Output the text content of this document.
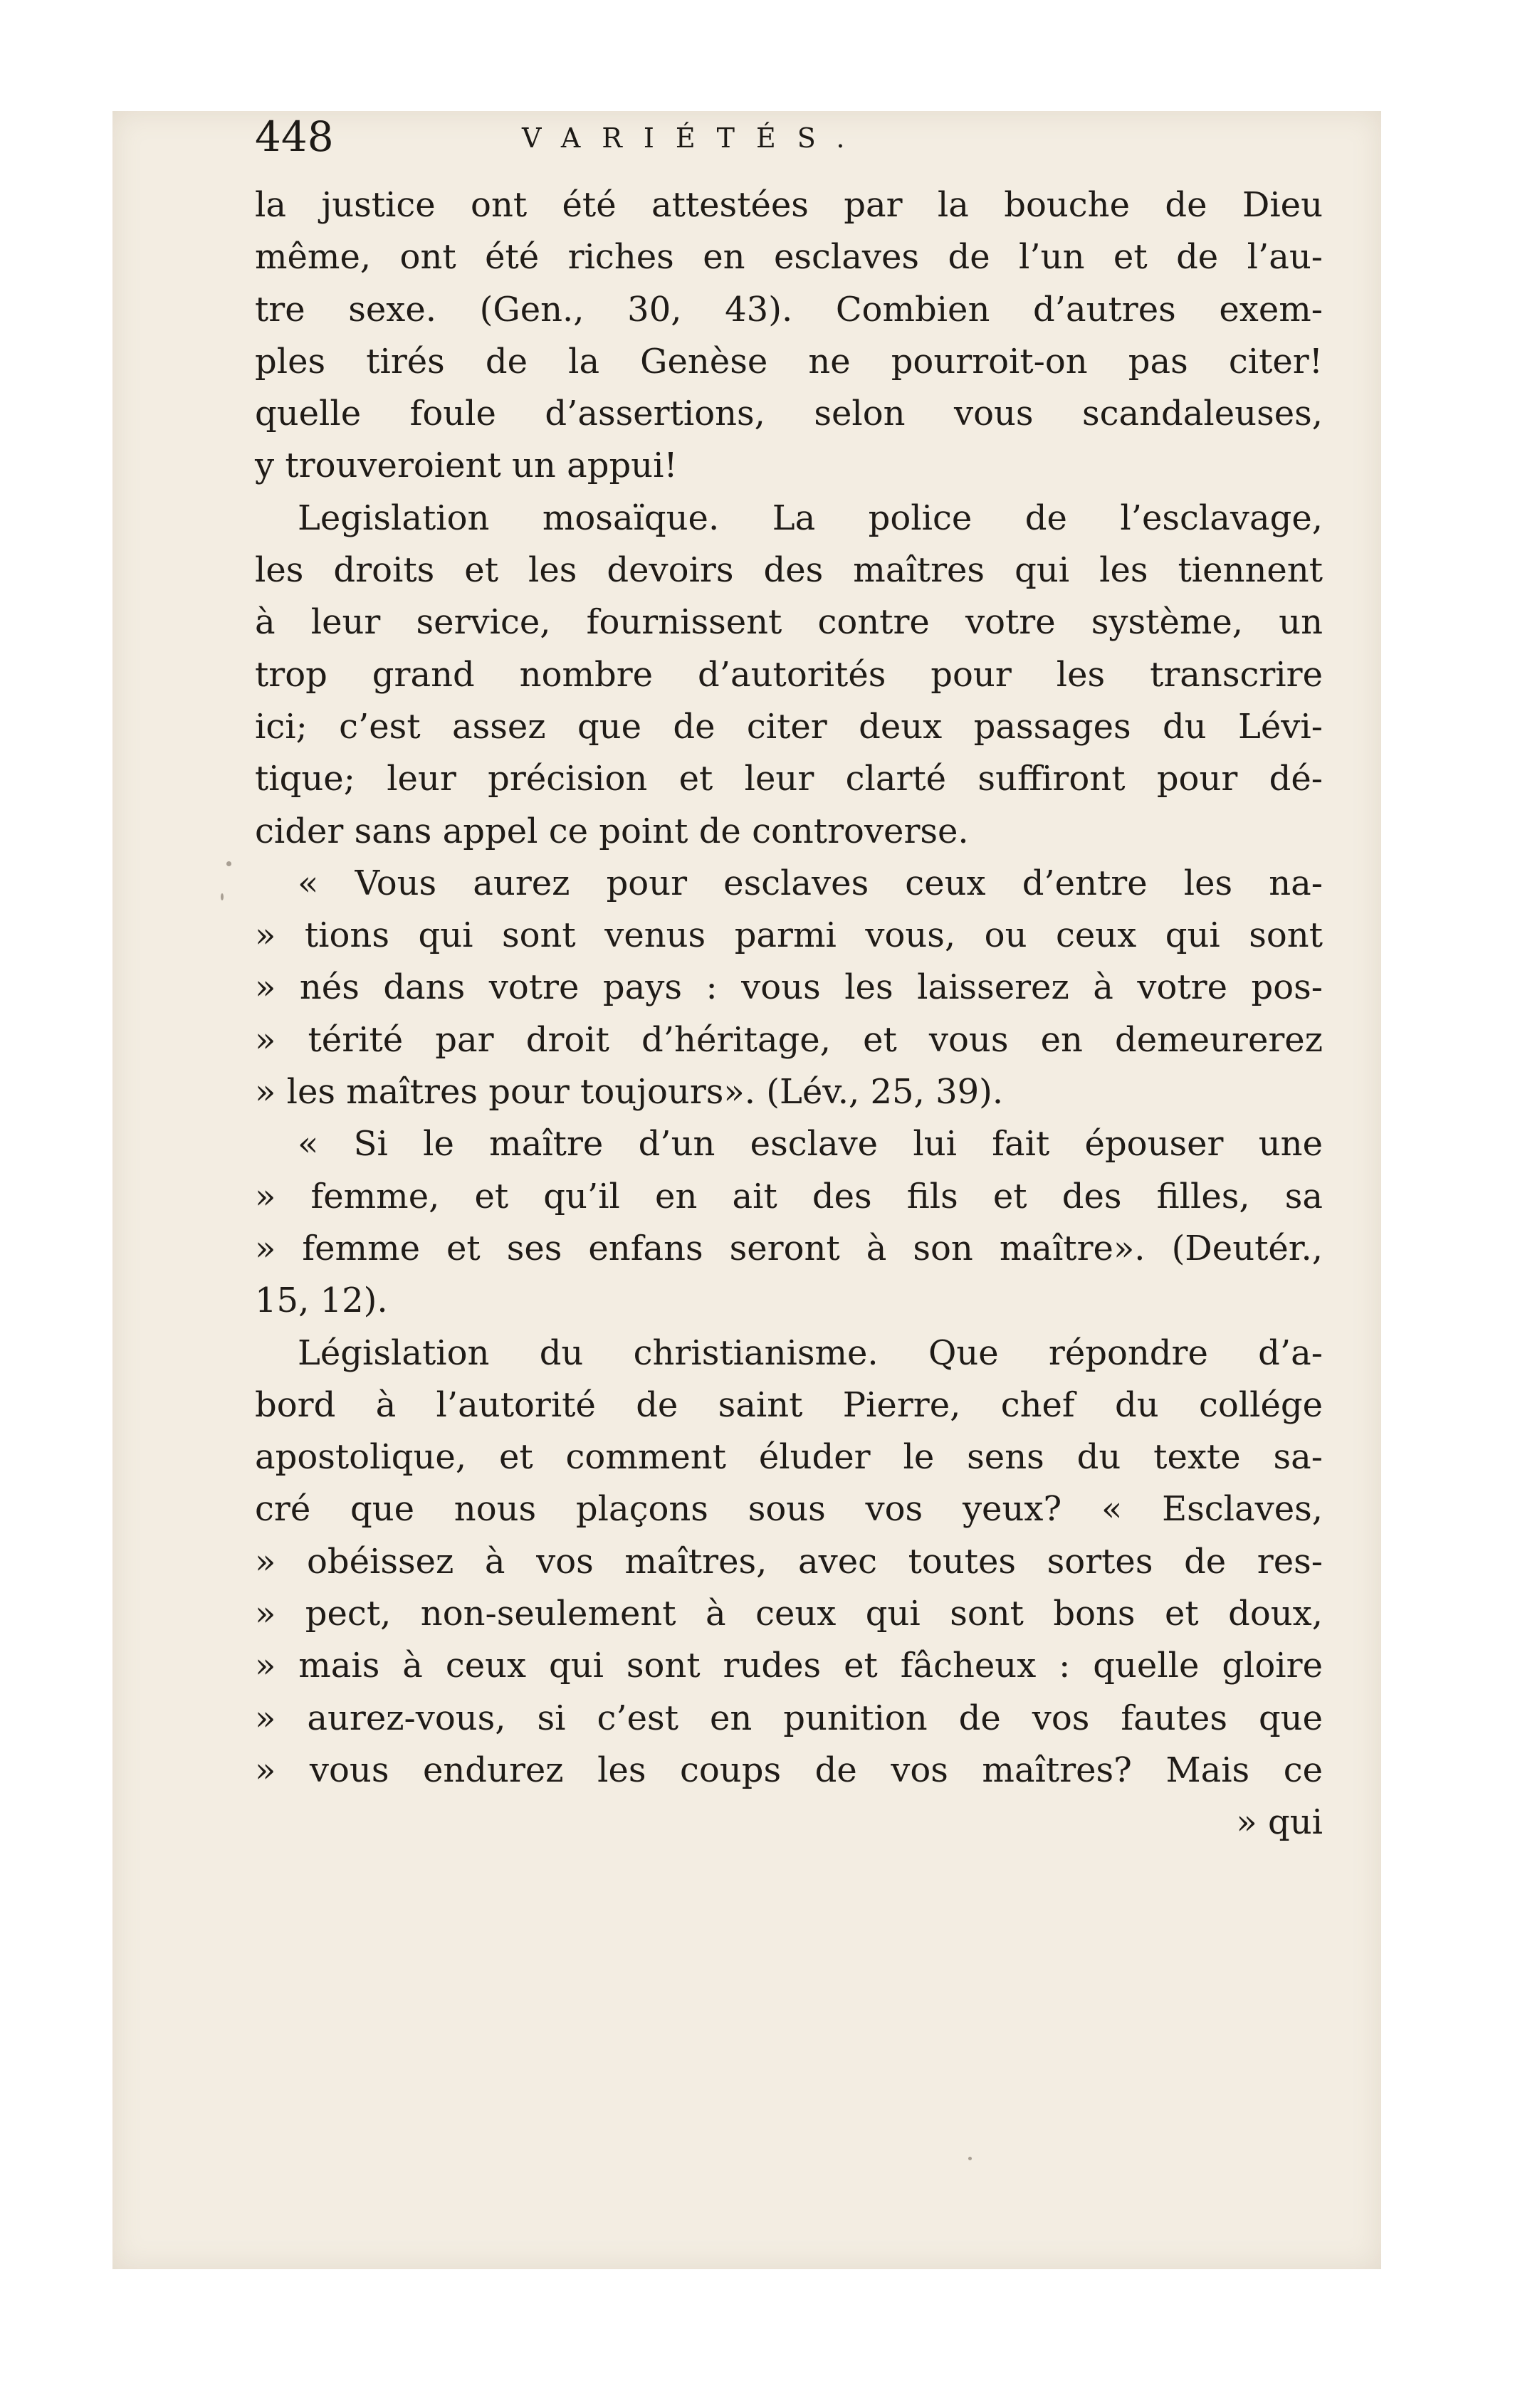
448	VARIÉTÉS.
la justice ont été attestées par la bouche de Dieu
même, ont été riches en esclaves de l’un et de l’au-
tre sexe. (Gen., 30, 43). Combien d’autres exem-
ples tirés de la Genèse ne pourroit-on pas citer!
quelle foule d’assertions, selon vous scandaleuses,
y trouveroient un appui!
Legislation mosaïque. La police de l’esclavage,
les droits et les devoirs des maîtres qui les tiennent
à leur service, fournissent contre votre système, un
trop grand nombre d’autorités pour les transcrire
ici; c’est assez que de citer deux passages du Lévi-
tique; leur précision et leur clarté suffiront pour dé-
cider sans appel ce point de controverse.
« Vous aurez pour esclaves ceux d’entre les na-
» tions qui sont venus parmi vous, ou ceux qui sont
» nés dans votre pays : vous les laisserez à votre pos-
» térité par droit d’héritage, et vous en demeurerez
» les maîtres pour toujours». (Lév., 25, 39).
« Si le maître d’un esclave lui fait épouser une
» femme, et qu’il en ait des fils et des filles, sa
» femme et ses enfans seront à son maître». (Deutér.,
15, 12).
Législation du christianisme. Que répondre d’a-
bord à l’autorité de saint Pierre, chef du collége
apostolique, et comment éluder le sens du texte sa-
cré que nous plaçons sous vos yeux? « Esclaves,
» obéissez à vos maîtres, avec toutes sortes de res-
» pect, non-seulement à ceux qui sont bons et doux,
» mais à ceux qui sont rudes et fâcheux : quelle gloire
» aurez-vous, si c’est en punition de vos fautes que
» vous endurez les coups de vos maîtres? Mais ce
» qui
